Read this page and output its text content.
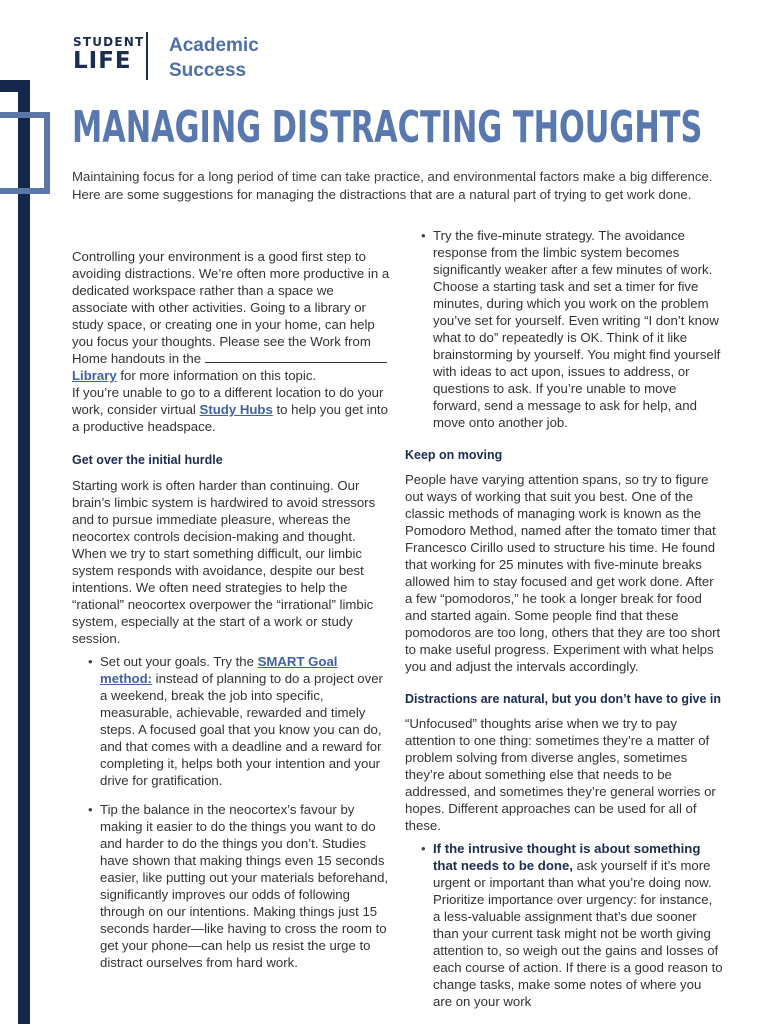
STUDENT
LIFE
Academic
Success
MANAGING DISTRACTING THOUGHTS
Maintaining focus for a long period of time can take practice, and environmental factors make a big difference. Here are some suggestions for managing the distractions that are a natural part of trying to get work done.

Controlling your environment is a good first step to avoiding distractions. We’re often more productive in a dedicated workspace rather than a space we associate with other activities. Going to a library or study space, or creating one in your home, can help you focus your thoughts. Please see the Work from Home handouts in the
Library for more information on this topic.

If you’re unable to go to a different location to do your work, consider virtual Study Hubs to help you get into a productive headspace.

Get over the initial hurdle

Starting work is often harder than continuing. Our brain’s limbic system is hardwired to avoid stressors and to pursue immediate pleasure, whereas the neocortex controls decision-making and thought. When we try to start something difficult, our limbic system responds with avoidance, despite our best intentions. We often need strategies to help the “rational” neocortex overpower the “irrational” limbic system, especially at the start of a work or study session.

• Set out your goals. Try the SMART Goal method: instead of planning to do a project over a weekend, break the job into specific, measurable, achievable, rewarded and timely steps. A focused goal that you know you can do, and that comes with a deadline and a reward for completing it, helps both your intention and your drive for gratification.
• Tip the balance in the neocortex’s favour by making it easier to do the things you want to do and harder to do the things you don’t. Studies have shown that making things even 15 seconds easier, like putting out your materials beforehand, significantly improves our odds of following through on our intentions. Making things just 15 seconds harder—like having to cross the room to get your phone—can help us resist the urge to distract ourselves from hard work.
• Try the five-minute strategy. The avoidance response from the limbic system becomes significantly weaker after a few minutes of work. Choose a starting task and set a timer for five minutes, during which you work on the problem you’ve set for yourself. Even writing “I don’t know what to do” repeatedly is OK. Think of it like brainstorming by yourself. You might find yourself with ideas to act upon, issues to address, or questions to ask. If you’re unable to move forward, send a message to ask for help, and move onto another job.
Keep on moving

People have varying attention spans, so try to figure out ways of working that suit you best. One of the classic methods of managing work is known as the Pomodoro Method, named after the tomato timer that Francesco Cirillo used to structure his time. He found that working for 25 minutes with five-minute breaks allowed him to stay focused and get work done. After a few “pomodoros,” he took a longer break for food and started again. Some people find that these pomodoros are too long, others that they are too short to make useful progress. Experiment with what helps you and adjust the intervals accordingly.

Distractions are natural, but you don’t have to give in

“Unfocused” thoughts arise when we try to pay attention to one thing: sometimes they’re a matter of problem solving from diverse angles, sometimes they’re about something else that needs to be addressed, and sometimes they’re general worries or hopes. Different approaches can be used for all of these.

• If the intrusive thought is about something that needs to be done, ask yourself if it’s more urgent or important than what you’re doing now. Prioritize importance over urgency: for instance, a less-valuable assignment that’s due sooner than your current task might not be worth giving attention to, so weigh out the gains and losses of each course of action. If there is a good reason to change tasks, make some notes of where you are on your work
